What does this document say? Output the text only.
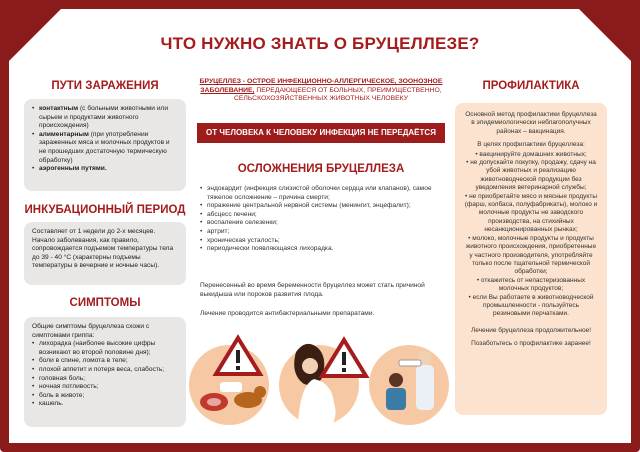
ЧТО НУЖНО ЗНАТЬ О БРУЦЕЛЛЕЗЕ?
ПУТИ ЗАРАЖЕНИЯ
• контактным (с больными животными или сырьем и продуктами животного происхождения)
• алиментарным (при употреблении зараженных мяса и молочных продуктов и не прошедших достаточную термическую обработку)
• аэрогенным путями.
ИНКУБАЦИОННЫЙ ПЕРИОД
Составляет от 1 недели до 2-х месяцев. Начало заболевания, как правило, сопровождается подъемом температуры тела до 39 - 40 °С (характерны подъемы температуры в вечерние и ночные часы).
СИМПТОМЫ
Общие симптомы бруцеллеза схожи с симптомами гриппа:
• лихорадка (наиболее высокие цифры возникают во второй половине дня);
• боли в спине, ломота в теле;
• плохой аппетит и потеря веса, слабость;
• головная боль;
• ночная потливость;
• боль в животе;
• кашель.
БРУЦЕЛЛЕЗ - ОСТРОЕ ИНФЕКЦИОННО-АЛЛЕРГИЧЕСКОЕ, ЗООНОЗНОЕ ЗАБОЛЕВАНИЕ, ПЕРЕДАЮЩЕЕСЯ ОТ БОЛЬНЫХ, ПРЕИМУЩЕСТВЕННО, СЕЛЬСКОХОЗЯЙСТВЕННЫХ ЖИВОТНЫХ ЧЕЛОВЕКУ
ОТ ЧЕЛОВЕКА К ЧЕЛОВЕКУ ИНФЕКЦИЯ НЕ ПЕРЕДАЁТСЯ
ОСЛОЖНЕНИЯ БРУЦЕЛЛЕЗА
• эндокардит (инфекция слизистой оболочки сердца или клапанов), самое тяжелое осложнение – причина смерти;
• поражение центральной нервной системы (менингит, энцефалит);
• абсцесс печени;
• воспаление селезенки;
• артрит;
• хроническая усталость;
• периодически появляющаяся лихорадка.
Перенесенный во время беременности бруцеллез может стать причиной выкидыша или пороков развития плода.
Лечение проводится антибактериальными препаратами.
ПРОФИЛАКТИКА

Основной метод профилактики бруцеллеза в эпидемиологически неблагополучных районах – вакцинация.

В целях профилактики бруцеллеза:

• вакцинируйте домашних животных;
• не допускайте покупку, продажу, сдачу на убой животных и реализацию животноводческой продукции без уведомления ветеринарной службы;
• не приобретайте мясо и мясные продукты (фарш, колбаса, полуфабрикаты), молоко и молочные продукты не заводского производства, на стихийных несанкционированных рынках;
• молоко, молочные продукты и продукты животного происхождения, приобретенные у частного производителя, употребляйте только после тщательной термической обработки;
• откажитесь от непастеризованных молочных продуктов;
• если Вы работаете в животноводческой промышленности - пользуйтесь резиновыми перчатками.

Лечение бруцеллеза продолжительное!

Позаботьтесь о профилактике заранее!
